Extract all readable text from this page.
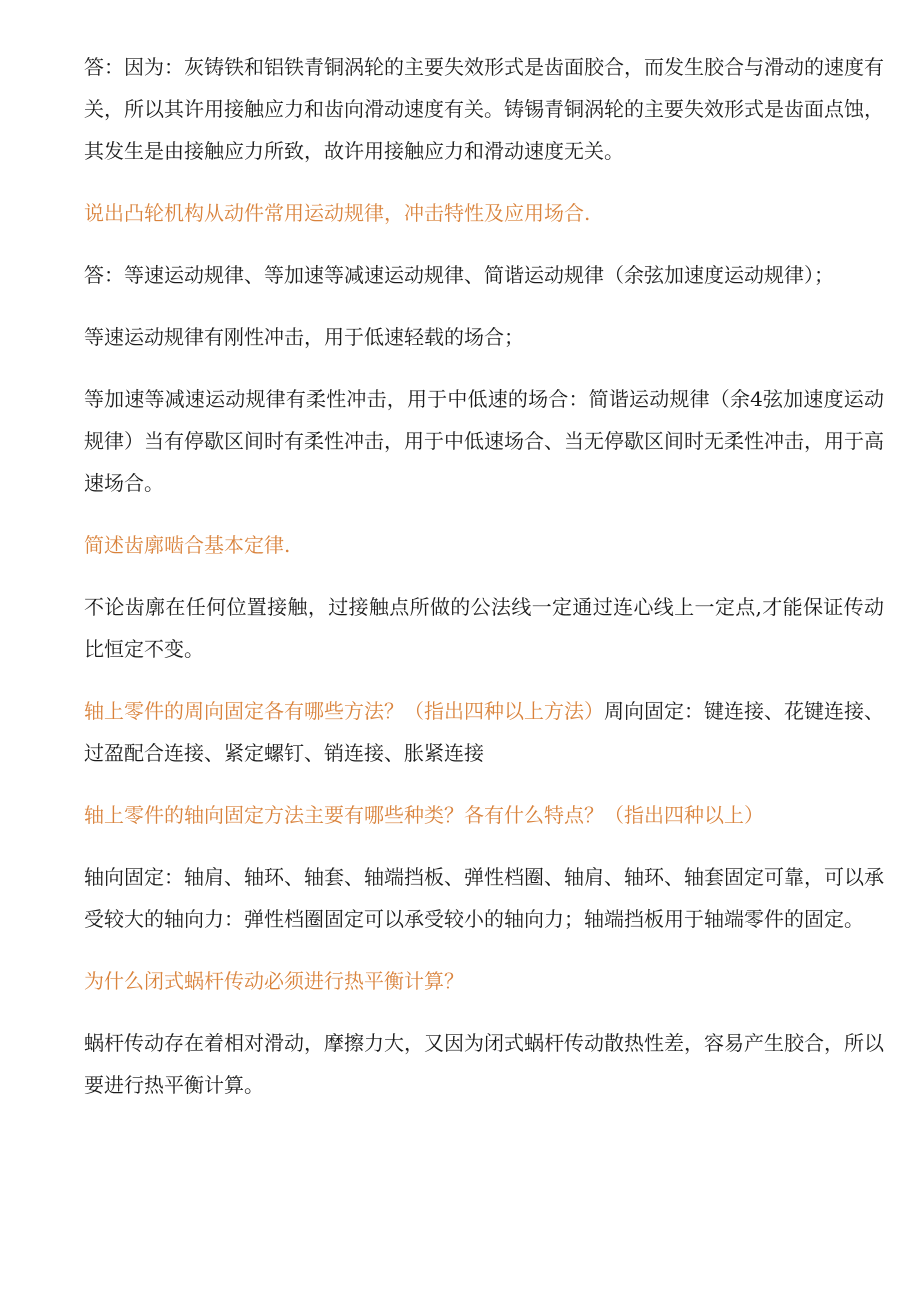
答：因为：灰铸铁和铝铁青铜涡轮的主要失效形式是齿面胶合，而发生胶合与滑动的速度有关，所以其许用接触应力和齿向滑动速度有关。铸锡青铜涡轮的主要失效形式是齿面点蚀，其发生是由接触应力所致，故许用接触应力和滑动速度无关。

说出凸轮机构从动件常用运动规律，冲击特性及应用场合.

答：等速运动规律、等加速等减速运动规律、简谐运动规律（余弦加速度运动规律）；

等速运动规律有刚性冲击，用于低速轻载的场合；

等加速等减速运动规律有柔性冲击，用于中低速的场合：简谐运动规律（余4弦加速度运动规律）当有停歇区间时有柔性冲击，用于中低速场合、当无停歇区间时无柔性冲击，用于高速场合。

简述齿廓啮合基本定律.

不论齿廓在任何位置接触，过接触点所做的公法线一定通过连心线上一定点,才能保证传动比恒定不变。

轴上零件的周向固定各有哪些方法？（指出四种以上方法）周向固定：键连接、花键连接、过盈配合连接、紧定螺钉、销连接、胀紧连接

轴上零件的轴向固定方法主要有哪些种类？各有什么特点？（指出四种以上）

轴向固定：轴肩、轴环、轴套、轴端挡板、弹性档圈、轴肩、轴环、轴套固定可靠，可以承受较大的轴向力：弹性档圈固定可以承受较小的轴向力；轴端挡板用于轴端零件的固定。

为什么闭式蜗杆传动必须进行热平衡计算？

蜗杆传动存在着相对滑动，摩擦力大，又因为闭式蜗杆传动散热性差，容易产生胶合，所以要进行热平衡计算。
